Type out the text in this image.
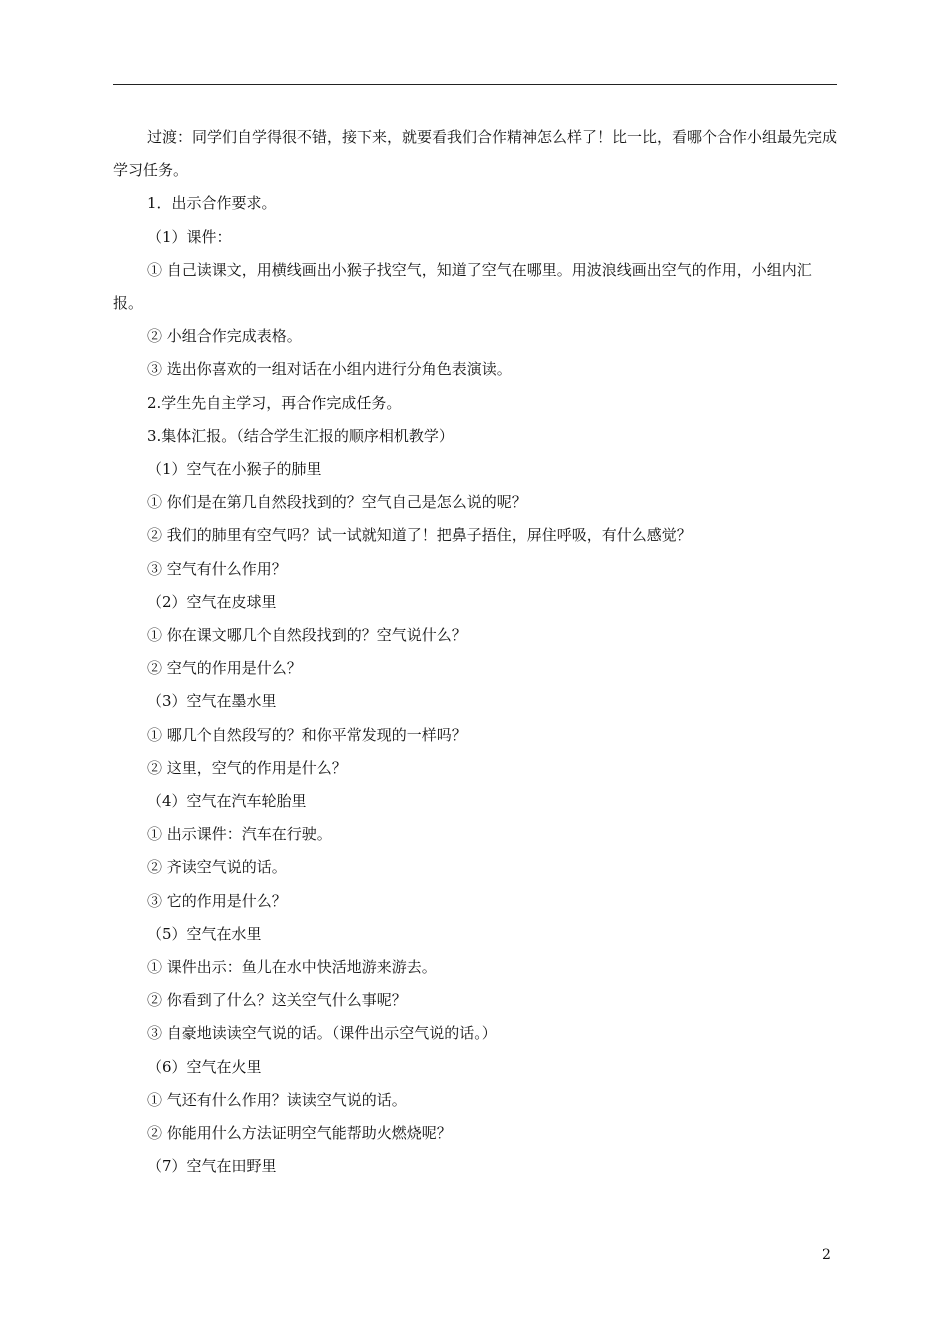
过渡：同学们自学得很不错，接下来，就要看我们合作精神怎么样了！比一比，看哪个合作小组最先完成学习任务。

1．出示合作要求。

（1）课件：

① 自己读课文，用横线画出小猴子找空气，知道了空气在哪里。用波浪线画出空气的作用，小组内汇报。

② 小组合作完成表格。

③ 选出你喜欢的一组对话在小组内进行分角色表演读。

2.学生先自主学习，再合作完成任务。

3.集体汇报。（结合学生汇报的顺序相机教学）

（1）空气在小猴子的肺里

① 你们是在第几自然段找到的？空气自己是怎么说的呢？

② 我们的肺里有空气吗？试一试就知道了！把鼻子捂住，屏住呼吸，有什么感觉？

③ 空气有什么作用？

（2）空气在皮球里

① 你在课文哪几个自然段找到的？空气说什么？

② 空气的作用是什么？

（3）空气在墨水里

① 哪几个自然段写的？和你平常发现的一样吗？

② 这里，空气的作用是什么？

（4）空气在汽车轮胎里

① 出示课件：汽车在行驶。

② 齐读空气说的话。

③ 它的作用是什么？

（5）空气在水里

① 课件出示：鱼儿在水中快活地游来游去。

② 你看到了什么？这关空气什么事呢？

③ 自豪地读读空气说的话。（课件出示空气说的话。）

（6）空气在火里

① 气还有什么作用？读读空气说的话。

② 你能用什么方法证明空气能帮助火燃烧呢？

（7）空气在田野里

2
